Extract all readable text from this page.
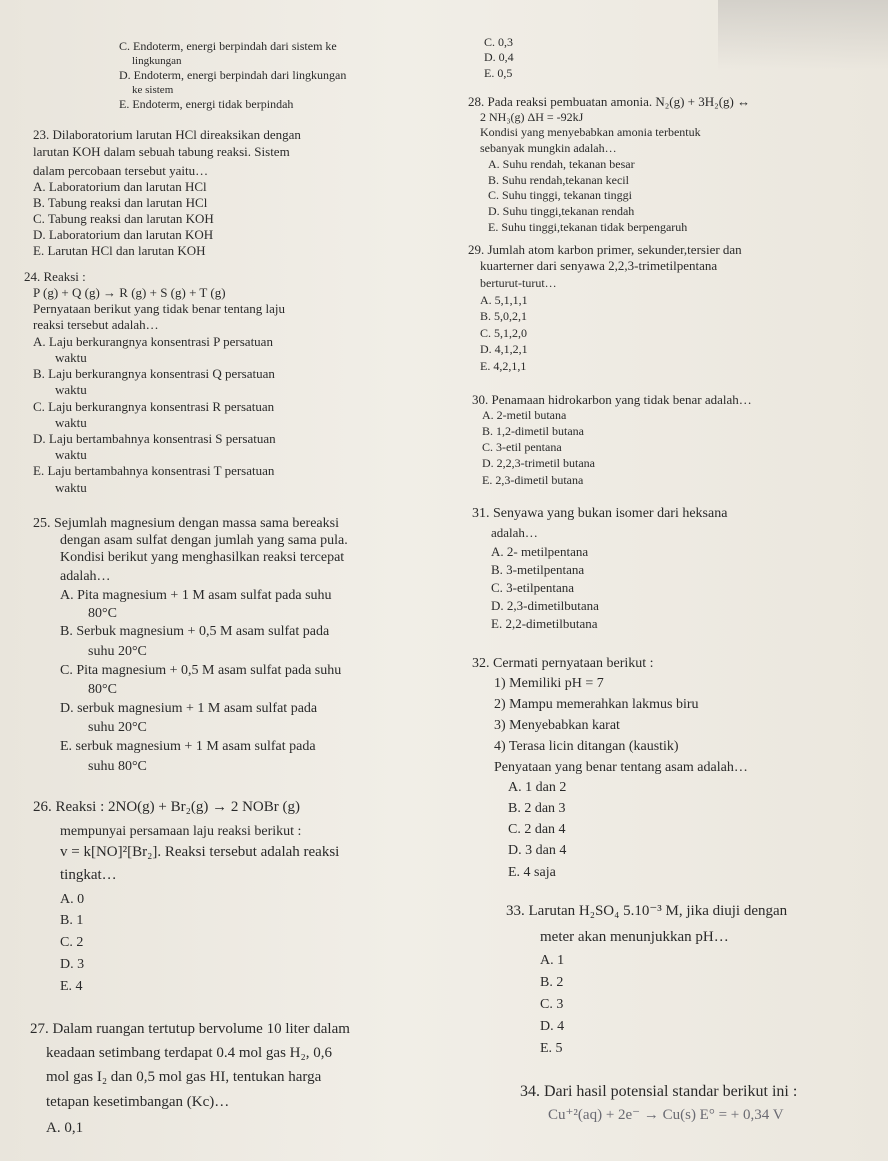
C. Endoterm, energi berpindah dari sistem ke
lingkungan
D. Endoterm, energi berpindah dari lingkungan
ke sistem
E. Endoterm, energi tidak berpindah
23. Dilaboratorium larutan HCl direaksikan dengan
larutan KOH dalam sebuah tabung reaksi. Sistem
dalam percobaan tersebut yaitu…
A. Laboratorium dan larutan HCl
B. Tabung reaksi dan larutan HCl
C. Tabung reaksi dan larutan KOH
D. Laboratorium dan larutan KOH
E. Larutan HCl dan larutan KOH
24. Reaksi :
P (g) + Q (g) → R (g) + S (g) + T (g)
Pernyataan berikut yang tidak benar tentang laju
reaksi tersebut adalah…
A. Laju berkurangnya konsentrasi P persatuan
waktu
B. Laju berkurangnya konsentrasi Q persatuan
waktu
C. Laju berkurangnya konsentrasi R persatuan
waktu
D. Laju bertambahnya konsentrasi S persatuan
waktu
E. Laju bertambahnya konsentrasi T persatuan
waktu
25. Sejumlah magnesium dengan massa sama bereaksi
dengan asam sulfat dengan jumlah yang sama pula.
Kondisi berikut yang menghasilkan reaksi tercepat
adalah…
A. Pita magnesium + 1 M asam sulfat pada suhu
80°C
B. Serbuk magnesium + 0,5 M asam sulfat pada
suhu 20°C
C. Pita magnesium + 0,5 M asam sulfat pada suhu
80°C
D. serbuk magnesium + 1 M asam sulfat pada
suhu 20°C
E. serbuk magnesium + 1 M asam sulfat pada
suhu 80°C
26. Reaksi : 2NO(g) + Br₂(g) → 2 NOBr (g)
mempunyai persamaan laju reaksi berikut :
v = k[NO]²[Br₂]. Reaksi tersebut adalah reaksi
tingkat…
A. 0
B. 1
C. 2
D. 3
E. 4
27. Dalam ruangan tertutup bervolume 10 liter dalam
keadaan setimbang terdapat 0.4 mol gas H₂, 0,6
mol gas I₂ dan 0,5 mol gas HI, tentukan harga
tetapan kesetimbangan (Kc)…
A. 0,1
C. 0,3
D. 0,4
E. 0,5
28. Pada reaksi pembuatan amonia. N₂(g) + 3H₂(g) ↔
2 NH₃(g) ΔH = -92kJ
Kondisi yang menyebabkan amonia terbentuk
sebanyak mungkin adalah…
A. Suhu rendah, tekanan besar
B. Suhu rendah,tekanan kecil
C. Suhu tinggi, tekanan tinggi
D. Suhu tinggi,tekanan rendah
E. Suhu tinggi,tekanan tidak berpengaruh
29. Jumlah atom karbon primer, sekunder,tersier dan
kuarterner dari senyawa 2,2,3-trimetilpentana
berturut-turut…
A. 5,1,1,1
B. 5,0,2,1
C. 5,1,2,0
D. 4,1,2,1
E. 4,2,1,1
30. Penamaan hidrokarbon yang tidak benar adalah…
A. 2-metil butana
B. 1,2-dimetil butana
C. 3-etil pentana
D. 2,2,3-trimetil butana
E. 2,3-dimetil butana
31. Senyawa yang bukan isomer dari heksana
adalah…
A. 2- metilpentana
B. 3-metilpentana
C. 3-etilpentana
D. 2,3-dimetilbutana
E. 2,2-dimetilbutana
32. Cermati pernyataan berikut :
1) Memiliki pH = 7
2) Mampu memerahkan lakmus biru
3) Menyebabkan karat
4) Terasa licin ditangan (kaustik)
Penyataan yang benar tentang asam adalah…
A. 1 dan 2
B. 2 dan 3
C. 2 dan 4
D. 3 dan 4
E. 4 saja
33. Larutan H₂SO₄ 5.10⁻³ M, jika diuji dengan
meter akan menunjukkan pH…
A. 1
B. 2
C. 3
D. 4
E. 5
34. Dari hasil potensial standar berikut ini :
Cu⁺²(aq) + 2e⁻ → Cu(s) E° = + 0,34 V
